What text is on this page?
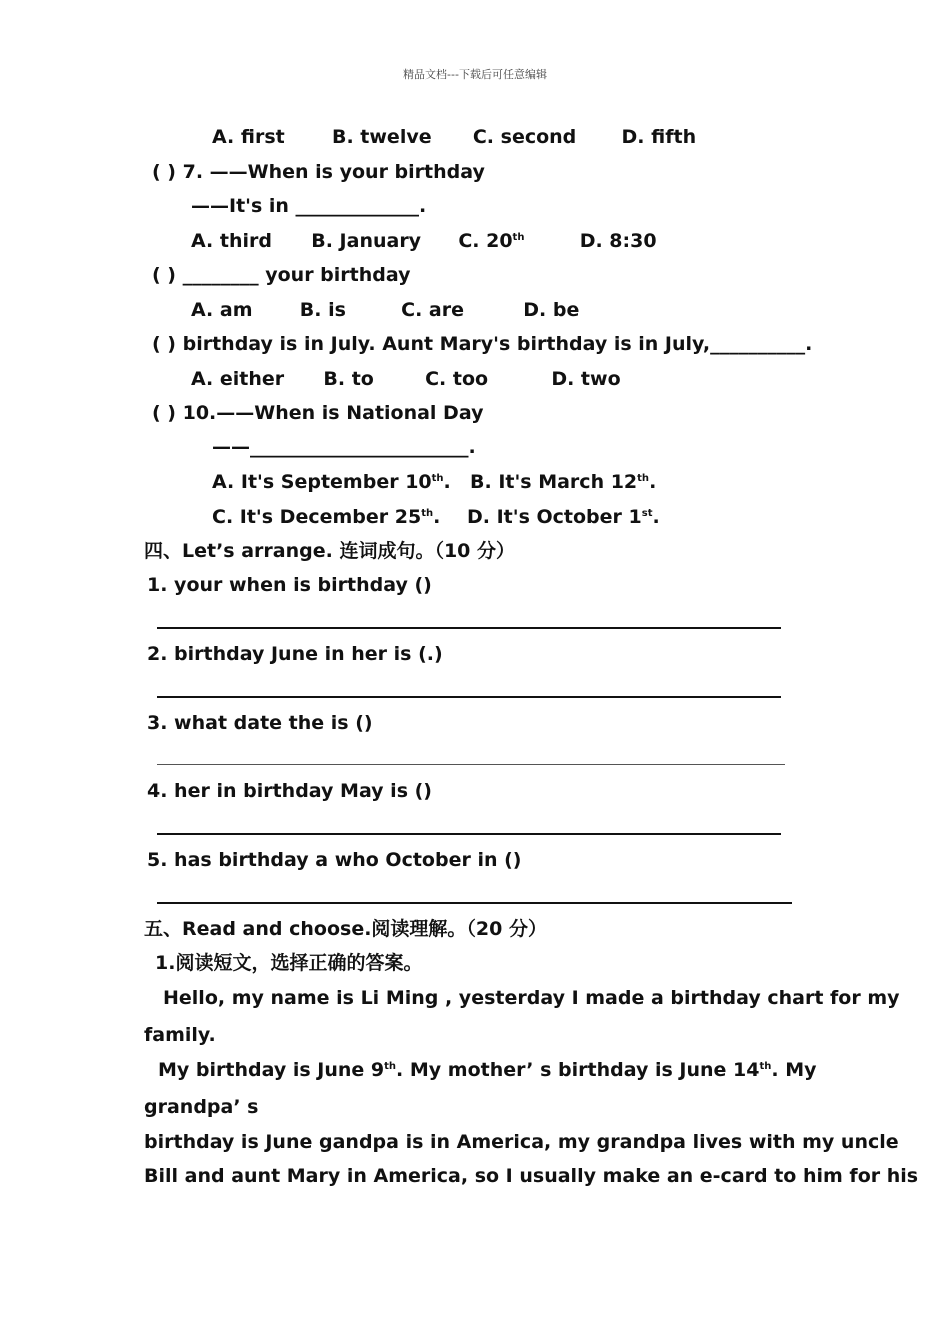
精品文档---下载后可任意编辑
A. first B. twelve C. second D. fifth
( ) 7. ——When is your birthday
——It's in _____________.
A. third B. January C. 20th	D. 8:30
( ) ________ your birthday
A. am B. is	C. are	D. be
( ) birthday is in July. Aunt Mary's birthday is in July,__________.
A. either B. to	C. too	D. two
( ) 10.——When is National Day
——_______________________.
A. It's September 10th. B. It's March 12th.
C. It's December 25th. D. It's October 1st.
四、Let’s arrange. 连词成句。（10 分）
1. your when is birthday ()
2. birthday June in her is (.)
3. what date the is ()
4. her in birthday May is ()
5. has birthday a who October in ()
五、Read and choose.阅读理解。（20 分）
1.阅读短文，选择正确的答案。
Hello, my name is Li Ming , yesterday I made a birthday chart for my
family.
My birthday is June 9th. My mother’ s birthday is June 14th. My
grandpa’ s
birthday is June gandpa is in America, my grandpa lives with my uncle
Bill and aunt Mary in America, so I usually make an e-card to him for his
